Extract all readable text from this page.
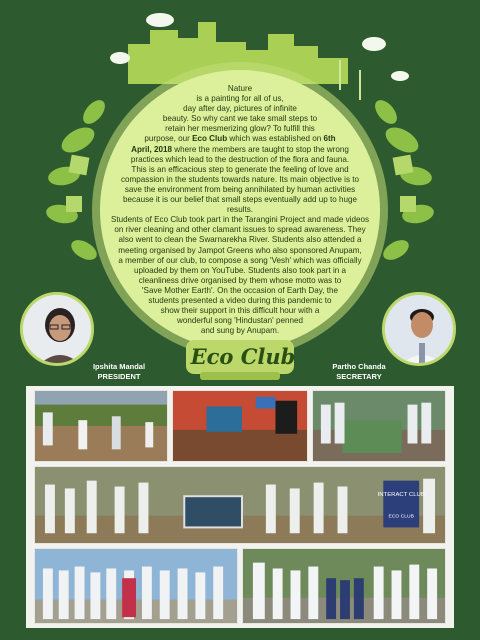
Nature
is a painting for all of us,
day after day, pictures of infinite
beauty. So why cant we take small steps to
retain her mesmerizing glow? To fulfill this
purpose, our Eco Club which was established on 6th
April, 2018 where the members are taught to stop the wrong
practices which lead to the destruction of the flora and fauna.
This is an efficacious step to generate the feeling of love and
compassion in the students towards nature. Its main objective is to
save the environment from being annihilated by human activities
because it is our belief that small steps eventually add up to huge results.
Students of Eco Club took part in the Tarangini Project and made videos
on river cleaning and other clamant issues to spread awareness. They
also went to clean the Swarnarekha River. Students also attended a
meeting organised by Jampot Greens who also sponsored Anupam,
a member of our club, to compose a song 'Vesh' which was officially
uploaded by them on YouTube. Students also took part in a
cleanliness drive organised by them whose motto was to
'Save Mother Earth'. On the occasion of Earth Day, the
students presented a video during this pandemic to
show their support in this difficult hour with a
wonderful song 'Hindustan' penned
and sung by Anupam.
Ipshita Mandal
PRESIDENT
Partho Chanda
SECRETARY
Eco Club
INTERACT CLUB
ECO CLUB
